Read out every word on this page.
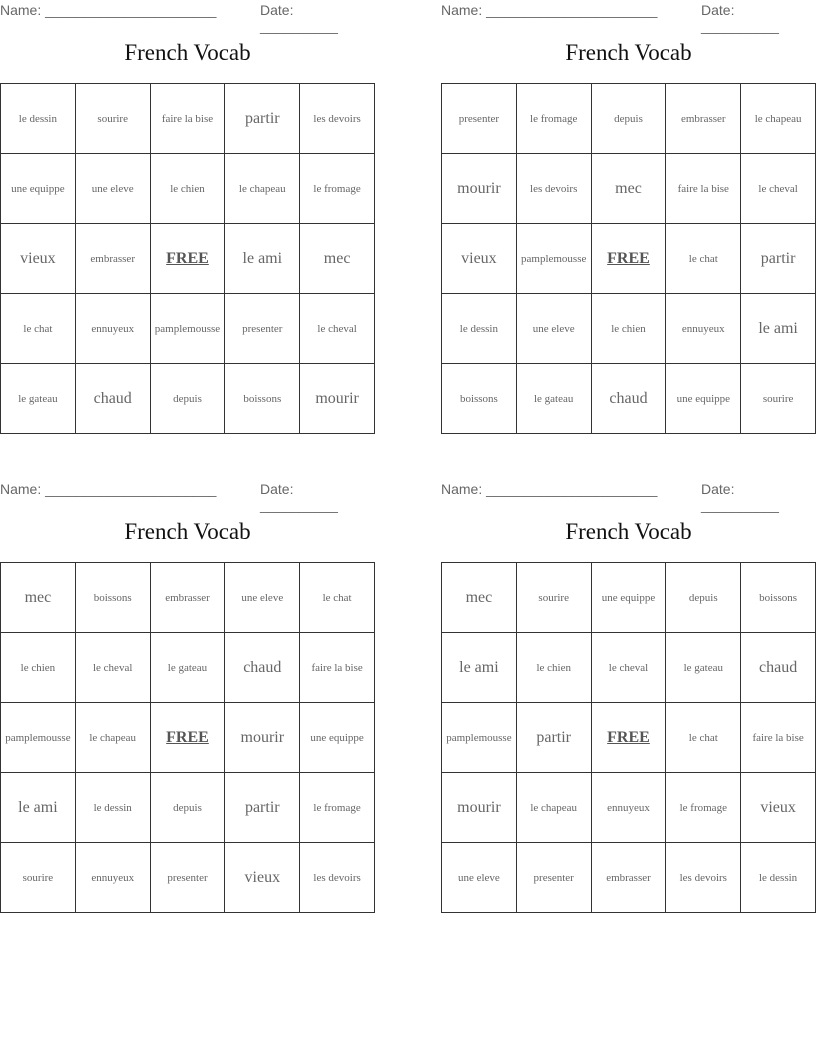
Name: ______________________	Date: __________
French Vocab
le dessin	sourire	faire la bise	partir	les devoirs
une equippe	une eleve	le chien	le chapeau	le fromage
vieux	embrasser	FREE	le ami	mec
le chat	ennuyeux	pamplemousse	presenter	le cheval
le gateau	chaud	depuis	boissons	mourir
Name: ______________________	Date: __________
French Vocab
presenter	le fromage	depuis	embrasser	le chapeau
mourir	les devoirs	mec	faire la bise	le cheval
vieux	pamplemousse	FREE	le chat	partir
le dessin	une eleve	le chien	ennuyeux	le ami
boissons	le gateau	chaud	une equippe	sourire
Name: ______________________	Date: __________
French Vocab
mec	boissons	embrasser	une eleve	le chat
le chien	le cheval	le gateau	chaud	faire la bise
pamplemousse	le chapeau	FREE	mourir	une equippe
le ami	le dessin	depuis	partir	le fromage
sourire	ennuyeux	presenter	vieux	les devoirs
Name: ______________________	Date: __________
French Vocab
mec	sourire	une equippe	depuis	boissons
le ami	le chien	le cheval	le gateau	chaud
pamplemousse	partir	FREE	le chat	faire la bise
mourir	le chapeau	ennuyeux	le fromage	vieux
une eleve	presenter	embrasser	les devoirs	le dessin
